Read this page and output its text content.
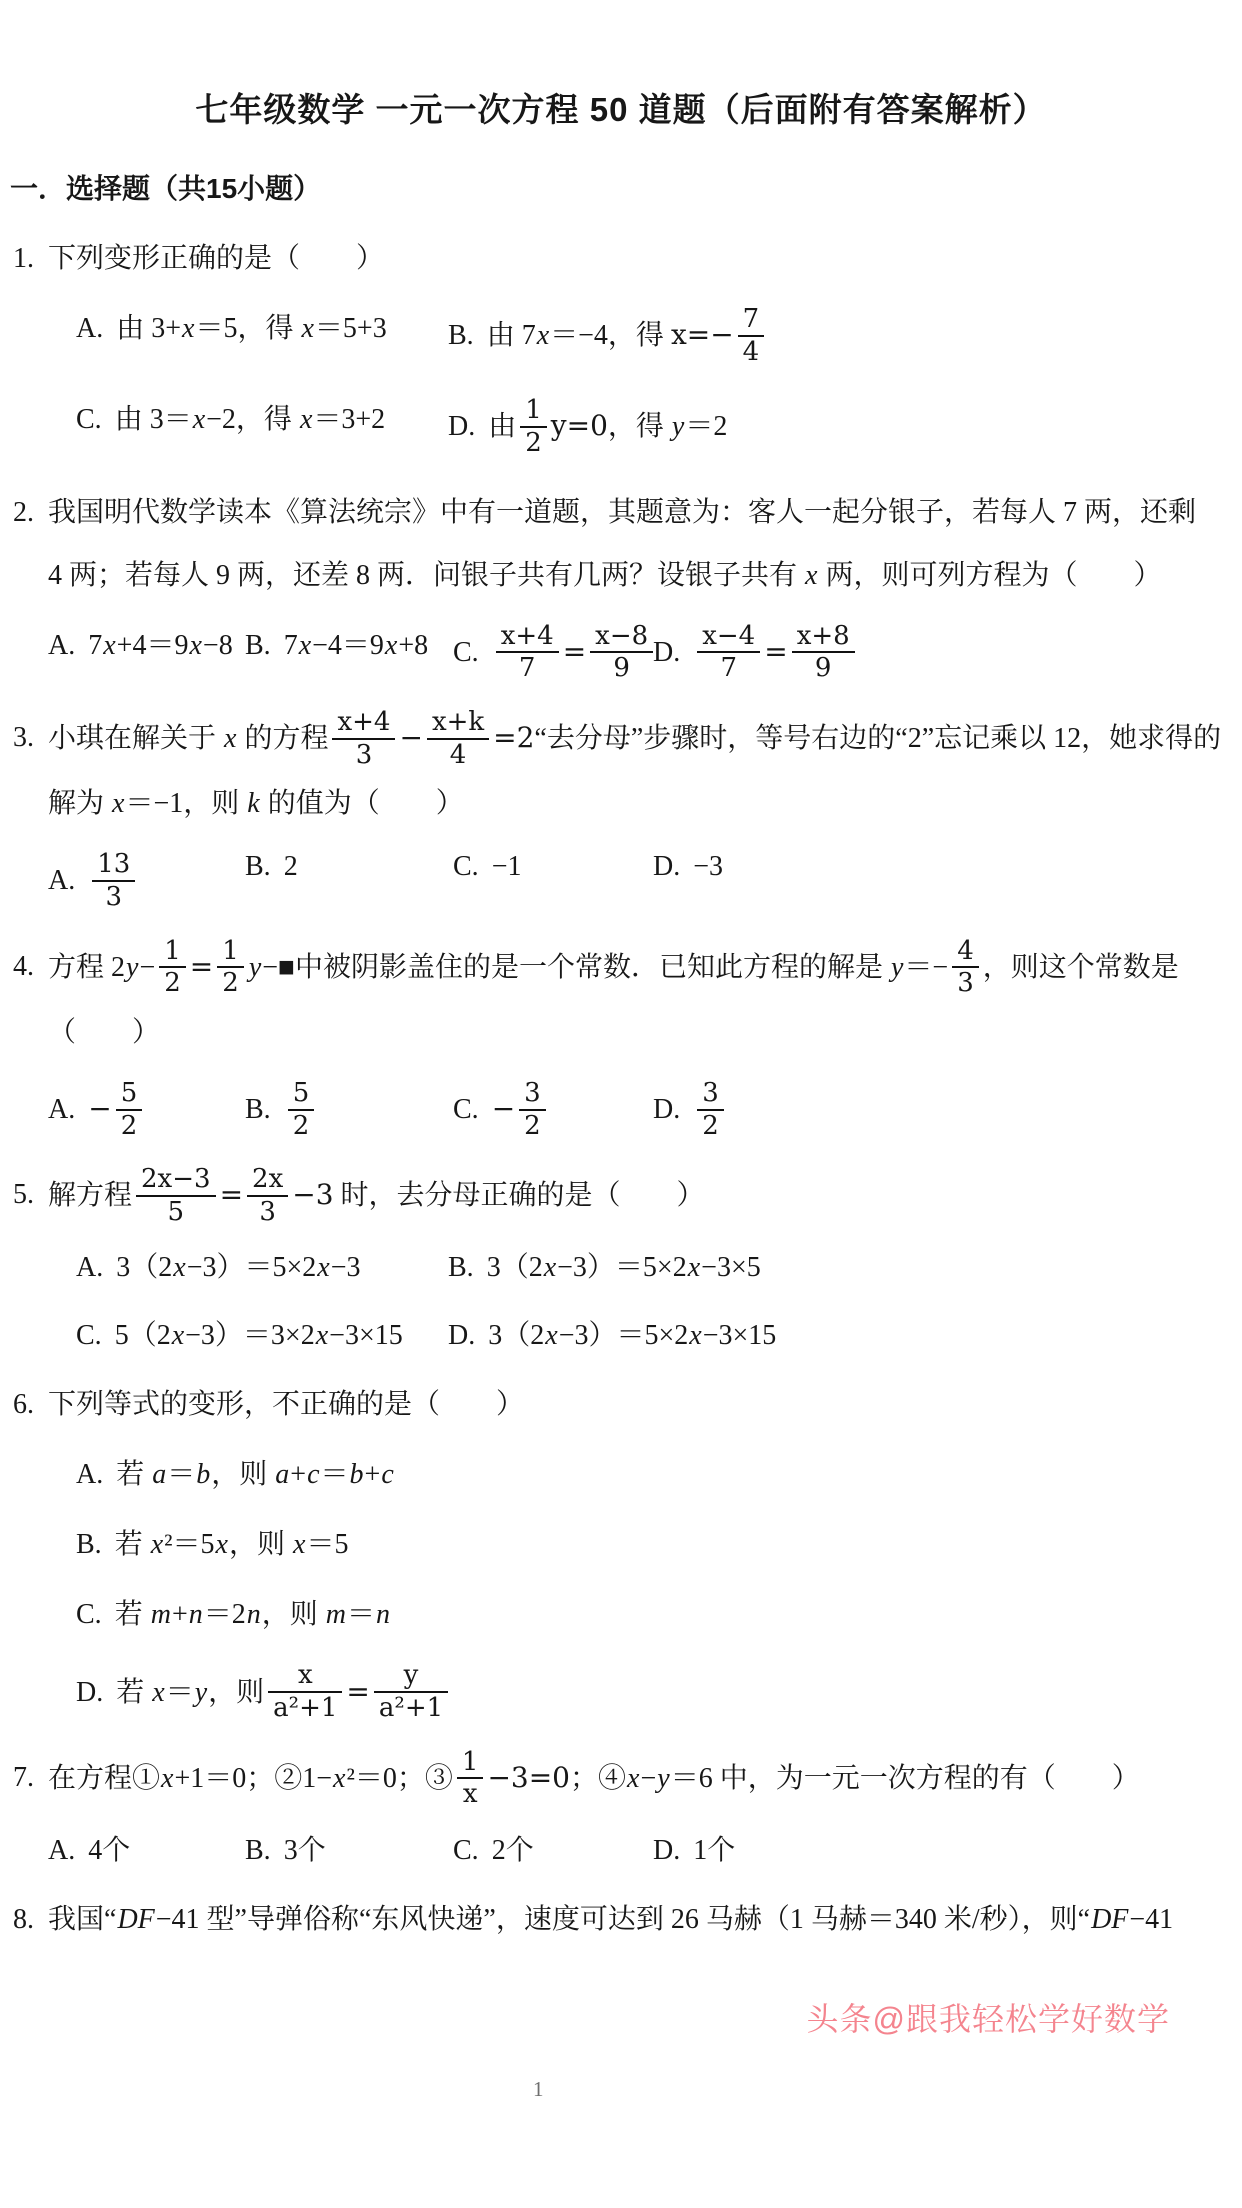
七年级数学 一元一次方程 50 道题（后面附有答案解析）
一．选择题（共15小题）
1. 下列变形正确的是（　　）
A. 由 3+x＝5，得 x＝5+3	B. 由 7x＝−4，得 $x=- \frac{7}{4}$
C. 由 3＝x−2，得 x＝3+2	D. 由 $\frac{1}{2} y=0$，得 y＝2
2. 我国明代数学读本《算法统宗》中有一道题，其题意为：客人一起分银子，若每人 7 两，还剩
4 两；若每人 9 两，还差 8 两．问银子共有几两？设银子共有 x 两，则可列方程为（　　）
A. 7x+4＝9x−8 B. 7x−4＝9x+8 C. $\frac{x+4}{7} = \frac{x-8}{9} D$. $\frac{x-4}{7} = \frac{x+8}{9}$
3. 小琪在解关于 x 的方程 $\frac{x+4}{3} - \frac{x+k}{4}$ =2“去分母”步骤时，等号右边的“2”忘记乘以 12，她求得的
解为 x＝−1，则 k 的值为（　　）
A. $\frac{13}{3}$	B. 2	C. −1	D. −3
4. 方程 $2y- \frac{1}{2} = \frac{1}{2}$ y−■中被阴影盖住的是一个常数．已知此方程的解是 $y=- \frac{4}{3}$ ，则这个常数是
（　　）
A. − $\frac{5}{2}$	B. $\frac{5}{2}$	C. − $\frac{3}{2}$	D. $\frac{3}{2}$
5. 解方程 $\frac{2x-3}{5} = \frac{2x}{3} -3$ 时，去分母正确的是（　　）
A. 3（2x−3）＝5×2x−3	B. 3（2x−3）＝5×2x−3×5
C. 5（2x−3）＝3×2x−3×15	D. 3（2x−3）＝5×2x−3×15
6. 下列等式的变形，不正确的是（　　）
A. 若 a＝b，则 a+c＝b+c
B. 若 x²＝5x，则 x＝5
C. 若 m+n＝2n，则 m＝n
D. 若 x＝y，则 $\frac{x}{\text{a²+1}} = \frac{y}{\text{a²+1}}$
7. 在方程①x+1＝0；②1−x²＝0；③ $\frac{1}{x} -3=0$；④x−y＝6 中，为一元一次方程的有（　　）
A. 4个	B. 3个	C. 2个	D. 1个
8. 我国“DF−41 型”导弹俗称“东风快递”，速度可达到 26 马赫（1 马赫＝340 米/秒），则“DF−41
头条@跟我轻松学好数学
1
